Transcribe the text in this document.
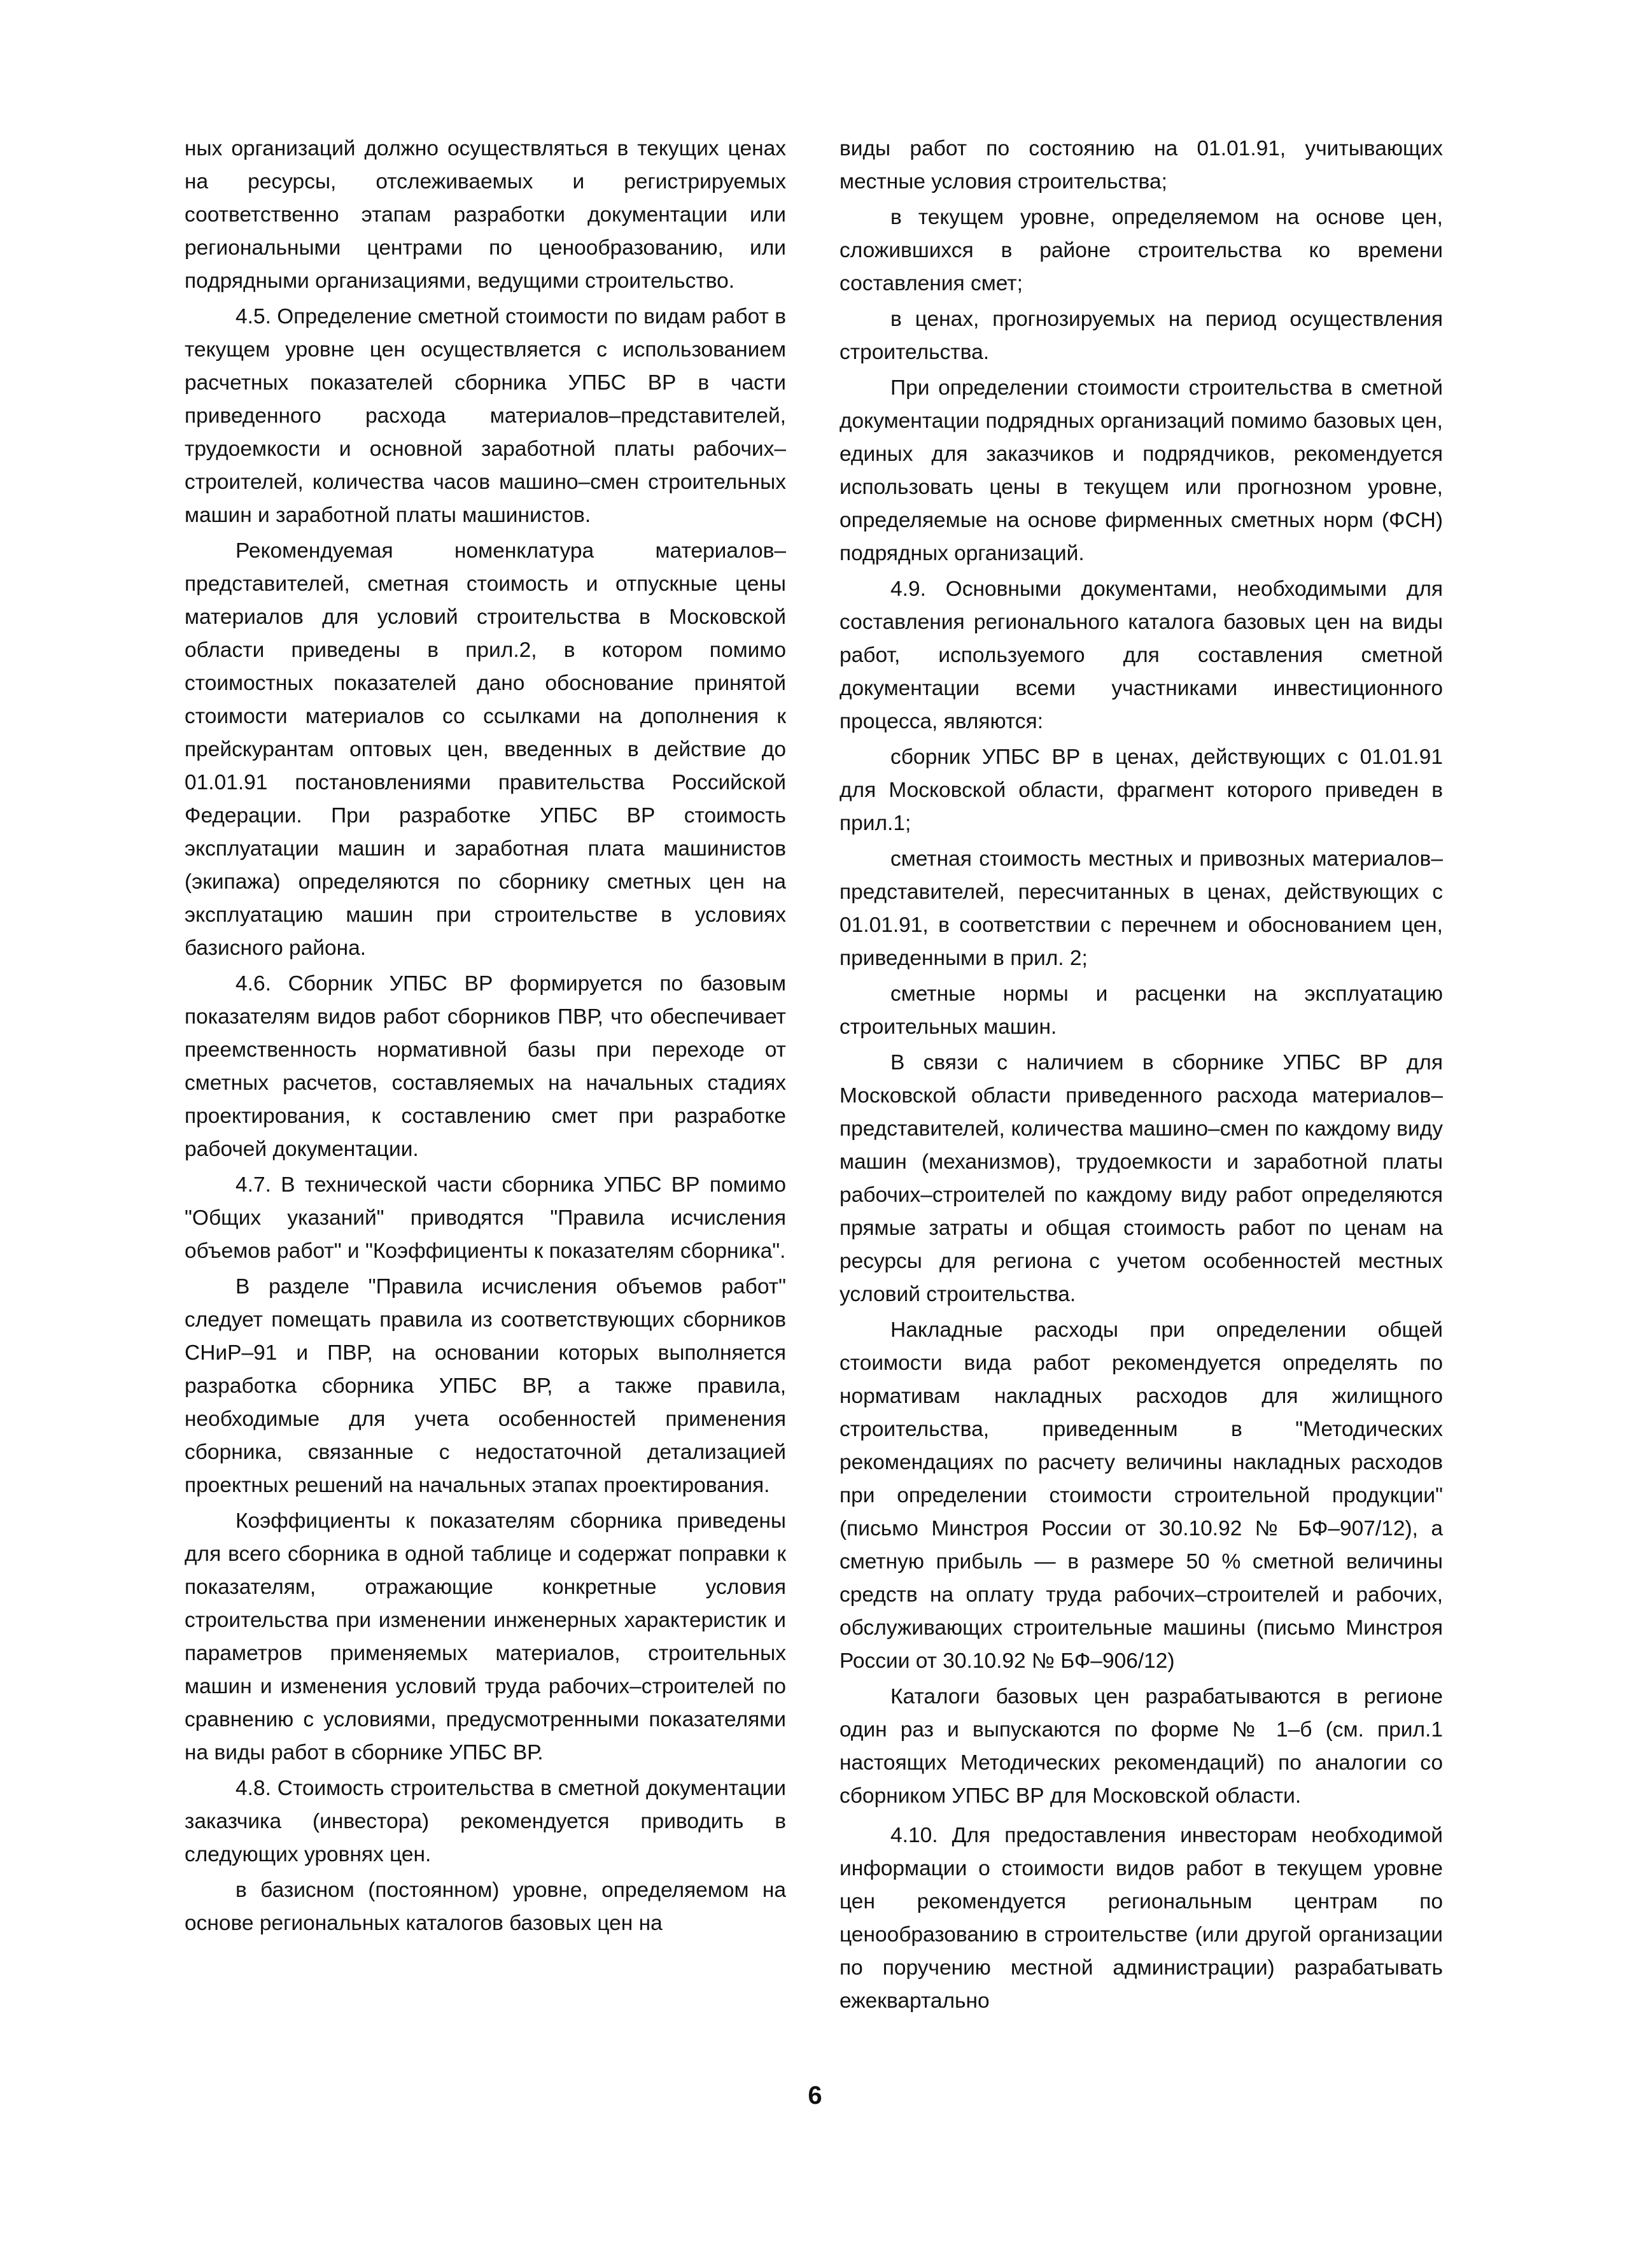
ных организаций должно осуществляться в текущих ценах на ресурсы, отслеживаемых и регистрируемых соответственно этапам разработки документации или региональными центрами по ценообразованию, или подрядными организациями, ведущими строительство.

4.5. Определение сметной стоимости по видам работ в текущем уровне цен осуществляется с использованием расчетных показателей сборника УПБС ВР в части приведенного расхода материалов–представителей, трудоемкости и основной заработной платы рабочих–строителей, количества часов машино–смен строительных машин и заработной платы машинистов.

Рекомендуемая номенклатура материалов–представителей, сметная стоимость и отпускные цены материалов для условий строительства в Московской области приведены в прил.2, в котором помимо стоимостных показателей дано обоснование принятой стоимости материалов со ссылками на дополнения к прейскурантам оптовых цен, введенных в действие до 01.01.91 постановлениями правительства Российской Федерации. При разработке УПБС ВР стоимость эксплуатации машин и заработная плата машинистов (экипажа) определяются по сборнику сметных цен на эксплуатацию машин при строительстве в условиях базисного района.

4.6. Сборник УПБС ВР формируется по базовым показателям видов работ сборников ПВР, что обеспечивает преемственность нормативной базы при переходе от сметных расчетов, составляемых на начальных стадиях проектирования, к составлению смет при разработке рабочей документации.

4.7. В технической части сборника УПБС ВР помимо "Общих указаний" приводятся "Правила исчисления объемов работ" и "Коэффициенты к показателям сборника".

В разделе "Правила исчисления объемов работ" следует помещать правила из соответствующих сборников СНиР–91 и ПВР, на основании которых выполняется разработка сборника УПБС ВР, а также правила, необходимые для учета особенностей применения сборника, связанные с недостаточной детализацией проектных решений на начальных этапах проектирования.

Коэффициенты к показателям сборника приведены для всего сборника в одной таблице и содержат поправки к показателям, отражающие конкретные условия строительства при изменении инженерных характеристик и параметров применяемых материалов, строительных машин и изменения условий труда рабочих–строителей по сравнению с условиями, предусмотренными показателями на виды работ в сборнике УПБС ВР.

4.8. Стоимость строительства в сметной документации заказчика (инвестора) рекомендуется приводить в следующих уровнях цен.

в базисном (постоянном) уровне, определяемом на основе региональных каталогов базовых цен на

виды работ по состоянию на 01.01.91, учитывающих местные условия строительства;

в текущем уровне, определяемом на основе цен, сложившихся в районе строительства ко времени составления смет;

в ценах, прогнозируемых на период осуществления строительства.

При определении стоимости строительства в сметной документации подрядных организаций помимо базовых цен, единых для заказчиков и подрядчиков, рекомендуется использовать цены в текущем или прогнозном уровне, определяемые на основе фирменных сметных норм (ФСН) подрядных организаций.

4.9. Основными документами, необходимыми для составления регионального каталога базовых цен на виды работ, используемого для составления сметной документации всеми участниками инвестиционного процесса, являются:

сборник УПБС ВР в ценах, действующих с 01.01.91 для Московской области, фрагмент которого приведен в прил.1;

сметная стоимость местных и привозных материалов–представителей, пересчитанных в ценах, действующих с 01.01.91, в соответствии с перечнем и обоснованием цен, приведенными в прил. 2;

сметные нормы и расценки на эксплуатацию строительных машин.

В связи с наличием в сборнике УПБС ВР для Московской области приведенного расхода материалов–представителей, количества машино–смен по каждому виду машин (механизмов), трудоемкости и заработной платы рабочих–строителей по каждому виду работ определяются прямые затраты и общая стоимость работ по ценам на ресурсы для региона с учетом особенностей местных условий строительства.

Накладные расходы при определении общей стоимости вида работ рекомендуется определять по нормативам накладных расходов для жилищного строительства, приведенным в "Методических рекомендациях по расчету величины накладных расходов при определении стоимости строительной продукции" (письмо Минстроя России от 30.10.92 № БФ–907/12), а сметную прибыль — в размере 50 % сметной величины средств на оплату труда рабочих–строителей и рабочих, обслуживающих строительные машины (письмо Минстроя России от 30.10.92 № БФ–906/12)

Каталоги базовых цен разрабатываются в регионе один раз и выпускаются по форме № 1–б (см. прил.1 настоящих Методических рекомендаций) по аналогии со сборником УПБС ВР для Московской области.

4.10. Для предоставления инвесторам необходимой информации о стоимости видов работ в текущем уровне цен рекомендуется региональным центрам по ценообразованию в строительстве (или другой организации по поручению местной администрации) разрабатывать ежеквартально

6
